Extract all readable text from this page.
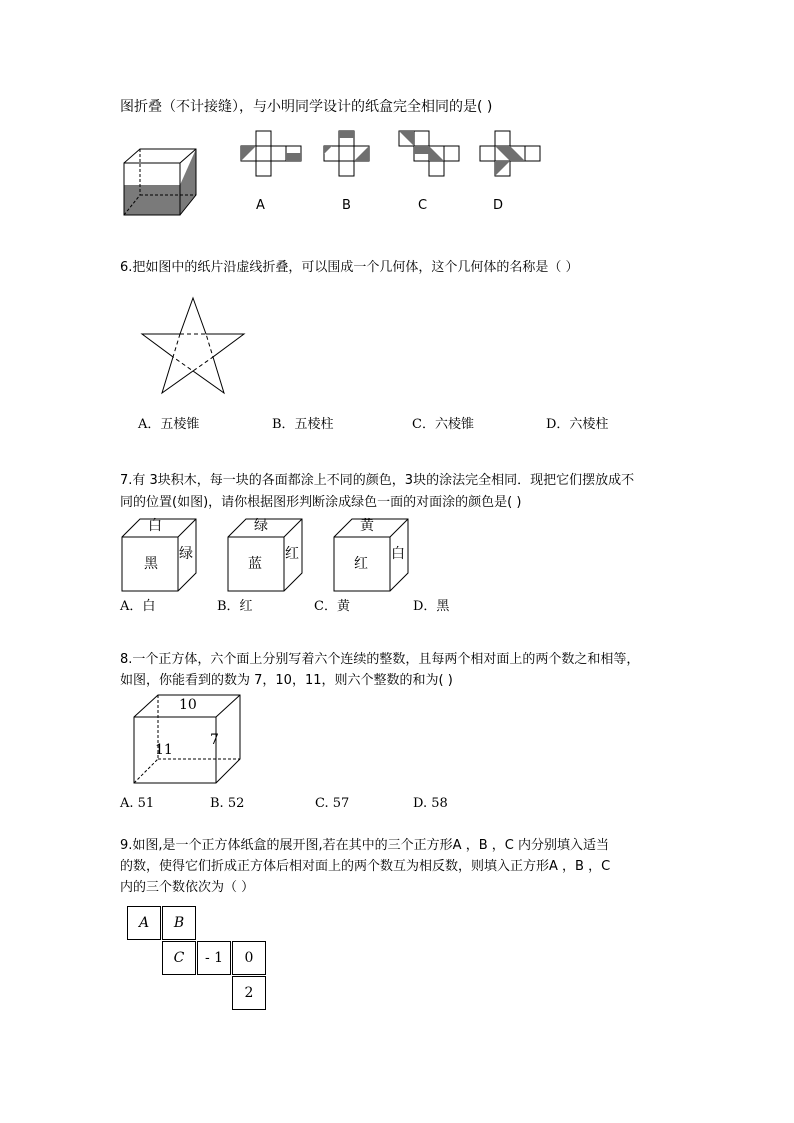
图折叠（不计接缝），与小明同学设计的纸盒完全相同的是( )
A	B	C	D
6.把如图中的纸片沿虚线折叠，可以围成一个几何体，这个几何体的名称是（ ）
A．五棱锥	B．五棱柱	C．六棱锥	D．六棱柱
7.有 3块积木，每一块的各面都涂上不同的颜色，3块的涂法完全相同．现把它们摆放成不
同的位置(如图)，请你根据图形判断涂成绿色一面的对面涂的颜色是( )
白
黑
绿
绿
蓝
红
黄
红
白
A．白	B．红	C．黄	D．黑
8.一个正方体，六个面上分别写着六个连续的整数，且每两个相对面上的两个数之和相等，
如图，你能看到的数为 7，10，11，则六个整数的和为( )
10
11
7
A. 51	B. 52	C. 57	D. 58
9.如图,是一个正方体纸盒的展开图,若在其中的三个正方形A ，B ，C 内分别填入适当
的数，使得它们折成正方体后相对面上的两个数互为相反数，则填入正方形A ，B ，C
内的三个数依次为（ ）
A	B
C	- 1	0
2
